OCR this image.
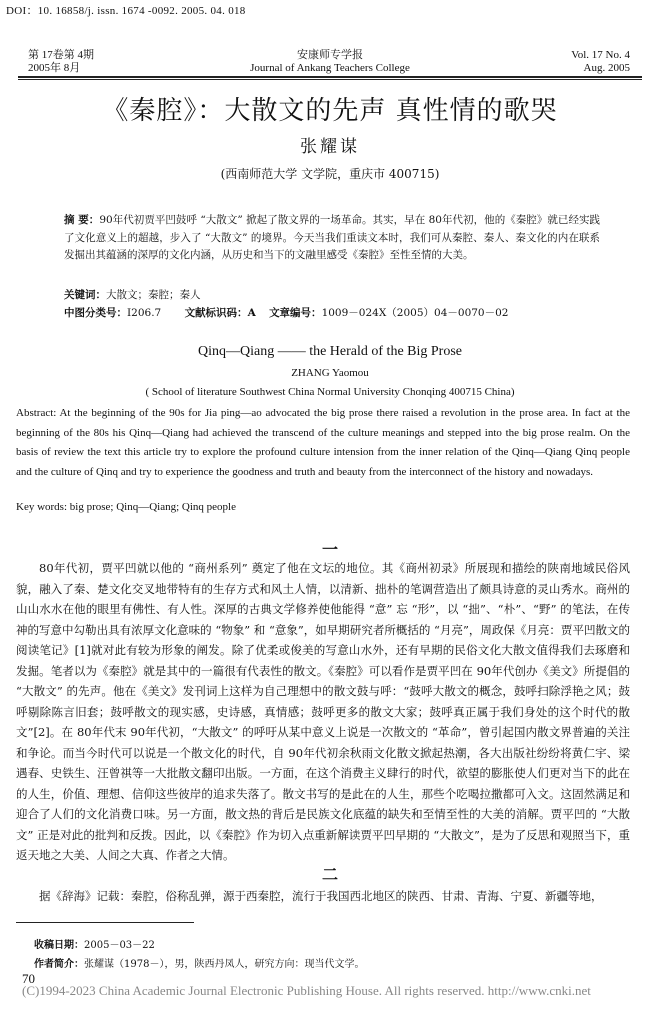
DOI：10. 16858/j. issn. 1674 -0092. 2005. 04. 018
第 17卷第 4期
2005年 8月
安康师专学报
Journal of Ankang Teachers College
Vol. 17 No. 4
Aug. 2005
《秦腔》：大散文的先声 真性情的歌哭
张耀谋
(西南师范大学 文学院，重庆市 400715)
摘 要：90年代初贾平凹鼓呼 “大散文” 掀起了散文界的一场革命。其实，早在 80年代初，他的《秦腔》就已经实践了文化意义上的超越，步入了 “大散文” 的境界。今天当我们重读文本时，我们可从秦腔、秦人、秦文化的内在联系发掘出其蕴涵的深厚的文化内涵，从历史和当下的文融里感受《秦腔》至性至情的大美。
关键词：大散文；秦腔；秦人
中图分类号：I206.7 文献标识码：A 文章编号：1009－024X（2005）04－0070－02
Qinq—Qiang —— the Herald of the Big Prose
ZHANG Yaomou
( School of literature Southwest China Normal University Chonqing 400715 China)
Abstract: At the beginning of the 90s for Jia ping—ao advocated the big prose there raised a revolution in the prose area. In fact at the beginning of the 80s his Qinq—Qiang had achieved the transcend of the culture meanings and stepped into the big prose realm. On the basis of review the text this article try to explore the profound culture intension from the inner relation of the Qinq—Qiang Qinq people and the culture of Qinq and try to experience the goodness and truth and beauty from the interconnect of the history and nowadays.
Key words: big prose; Qinq—Qiang; Qinq people
一
80年代初，贾平凹就以他的 “商州系列” 奠定了他在文坛的地位。其《商州初录》所展现和描绘的陕南地域民俗风貌，融入了秦、楚文化交叉地带特有的生存方式和风土人情，以清新、拙朴的笔调营造出了颇具诗意的灵山秀水。商州的山山水水在他的眼里有佛性、有人性。深厚的古典文学修养使他能得 “意” 忘 “形”，以 “拙”、“朴”、“野” 的笔法，在传神的写意中勾勒出具有浓厚文化意味的 “物象” 和 “意象”，如早期研究者所概括的 “月亮”，周政保《月亮：贾平凹散文的阅读笔记》[1]就对此有较为形象的阐发。除了优柔或俊美的写意山水外，还有早期的民俗文化大散文值得我们去琢磨和发掘。笔者以为《秦腔》就是其中的一篇很有代表性的散文。《秦腔》可以看作是贾平凹在 90年代创办《美文》所提倡的 “大散文” 的先声。他在《美文》发刊词上这样为自己理想中的散文鼓与呼：“鼓呼大散文的概念，鼓呼扫除浮艳之风；鼓呼剔除陈言旧套；鼓呼散文的现实感，史诗感，真情感；鼓呼更多的散文大家；鼓呼真正属于我们身处的这个时代的散文”[2]。在 80年代末 90年代初，“大散文” 的呼吁从某中意义上说是一次散文的 “革命”，曾引起国内散文界普遍的关注和争论。而当今时代可以说是一个散文化的时代，自 90年代初余秋雨文化散文掀起热潮，各大出版社纷纷将黄仁宇、梁遇春、史铁生、汪曾祺等一大批散文翻印出版。一方面，在这个消费主义肆行的时代，欲望的膨胀使人们更对当下的此在的人生，价值、理想、信仰这些彼岸的追求失落了。散文书写的是此在的人生，那些个吃喝拉撒都可入文。这固然满足和迎合了人们的文化消费口味。另一方面，散文热的背后是民族文化底蕴的缺失和至情至性的大美的消解。贾平凹的 “大散文” 正是对此的批判和反拨。因此，以《秦腔》作为切入点重新解读贾平凹早期的 “大散文”，是为了反思和观照当下，重返天地之大美、人间之大真、作者之大情。
二
据《辞海》记载：秦腔，俗称乱弹，源于西秦腔，流行于我国西北地区的陕西、甘肃、青海、宁夏、新疆等地，
收稿日期：2005－03－22
作者简介：张耀谋（1978－），男，陕西丹凤人，研究方向：现当代文学。
70
(C)1994-2023 China Academic Journal Electronic Publishing House. All rights reserved. http://www.cnki.net
